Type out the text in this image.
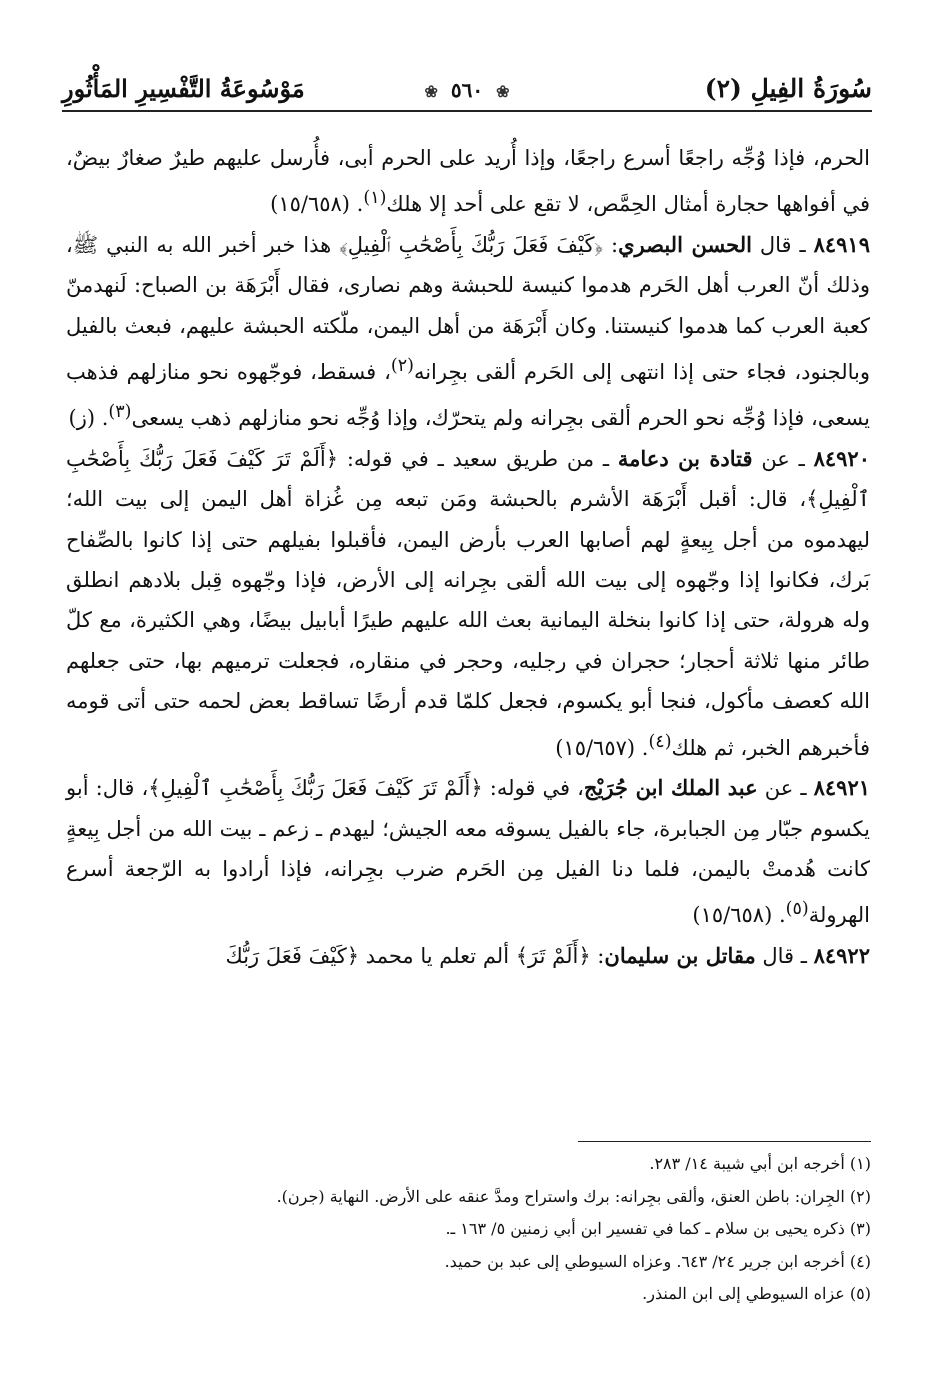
سُورَةُ الفِيلِ (٢)
❀ ٥٦٠ ❀
مَوْسُوعَةُ التَّفْسِيرِ المَأْثُورِ

الحرم، فإذا وُجِّه راجعًا أسرع راجعًا، وإذا أُريد على الحرم أبى، فأُرسل عليهم طيرٌ صغارٌ بيضٌ، في أفواهها حجارة أمثال الحِمَّص، لا تقع على أحد إلا هلك$^{(١)}$. (١٥/٦٥٨)

٨٤٩١٩ ـ قال الحسن البصري: ﴿كَيْفَ فَعَلَ رَبُّكَ بِأَصْحَٰبِ ٱلْفِيلِ﴾ هذا خبر أخبر الله به النبي ﷺ، وذلك أنّ العرب أهل الحَرم هدموا كنيسة للحبشة وهم نصارى، فقال أَبْرَهَة بن الصباح: لَنهدمنّ كعبة العرب كما هدموا كنيستنا. وكان أَبْرَهَة من أهل اليمن، ملّكته الحبشة عليهم، فبعث بالفيل وبالجنود، فجاء حتى إذا انتهى إلى الحَرم ألقى بجِرانه$^{(٢)}$، فسقط، فوجّهوه نحو منازلهم فذهب يسعى، فإذا وُجِّه نحو الحرم ألقى بجِرانه ولم يتحرّك، وإذا وُجِّه نحو منازلهم ذهب يسعى$^{(٣)}$. (ز)

٨٤٩٢٠ ـ عن قتادة بن دعامة ـ من طريق سعيد ـ في قوله: ﴿أَلَمْ تَرَ كَيْفَ فَعَلَ رَبُّكَ بِأَصْحَٰبِ ٱلْفِيلِ﴾، قال: أقبل أَبْرَهَة الأشرم بالحبشة ومَن تبعه مِن غُزاة أهل اليمن إلى بيت الله؛ ليهدموه من أجل بِيعةٍ لهم أصابها العرب بأرض اليمن، فأقبلوا بفيلهم حتى إذا كانوا بالصِّفاح بَرك، فكانوا إذا وجّهوه إلى بيت الله ألقى بجِرانه إلى الأرض، فإذا وجّهوه قِبل بلادهم انطلق وله هرولة، حتى إذا كانوا بنخلة اليمانية بعث الله عليهم طيرًا أبابيل بيضًا، وهي الكثيرة، مع كلّ طائر منها ثلاثة أحجار؛ حجران في رجليه، وحجر في منقاره، فجعلت ترميهم بها، حتى جعلهم الله كعصف مأكول، فنجا أبو يكسوم، فجعل كلمّا قدم أرضًا تساقط بعض لحمه حتى أتى قومه فأخبرهم الخبر، ثم هلك$^{(٤)}$. (١٥/٦٥٧)

٨٤٩٢١ ـ عن عبد الملك ابن جُرَيْج، في قوله: ﴿أَلَمْ تَرَ كَيْفَ فَعَلَ رَبُّكَ بِأَصْحَٰبِ ٱلْفِيلِ﴾، قال: أبو يكسوم جبّار مِن الجبابرة، جاء بالفيل يسوقه معه الجيش؛ ليهدم ـ زعم ـ بيت الله من أجل بِيعةٍ كانت هُدمتْ باليمن، فلما دنا الفيل مِن الحَرم ضرب بجِرانه، فإذا أرادوا به الرّجعة أسرع الهرولة$^{(٥)}$. (١٥/٦٥٨)

٨٤٩٢٢ ـ قال مقاتل بن سليمان: ﴿أَلَمْ تَرَ﴾ ألم تعلم يا محمد ﴿كَيْفَ فَعَلَ رَبُّكَ

(١) أخرجه ابن أبي شيبة ١٤/ ٢٨٣.
(٢) الجِران: باطن العنق، وألقى بجِرانه: برك واستراح ومدَّ عنقه على الأرض. النهاية (جرن).
(٣) ذكره يحيى بن سلام ـ كما في تفسير ابن أبي زمنين ٥/ ١٦٣ ـ.
(٤) أخرجه ابن جرير ٢٤/ ٦٤٣. وعزاه السيوطي إلى عبد بن حميد.
(٥) عزاه السيوطي إلى ابن المنذر.
